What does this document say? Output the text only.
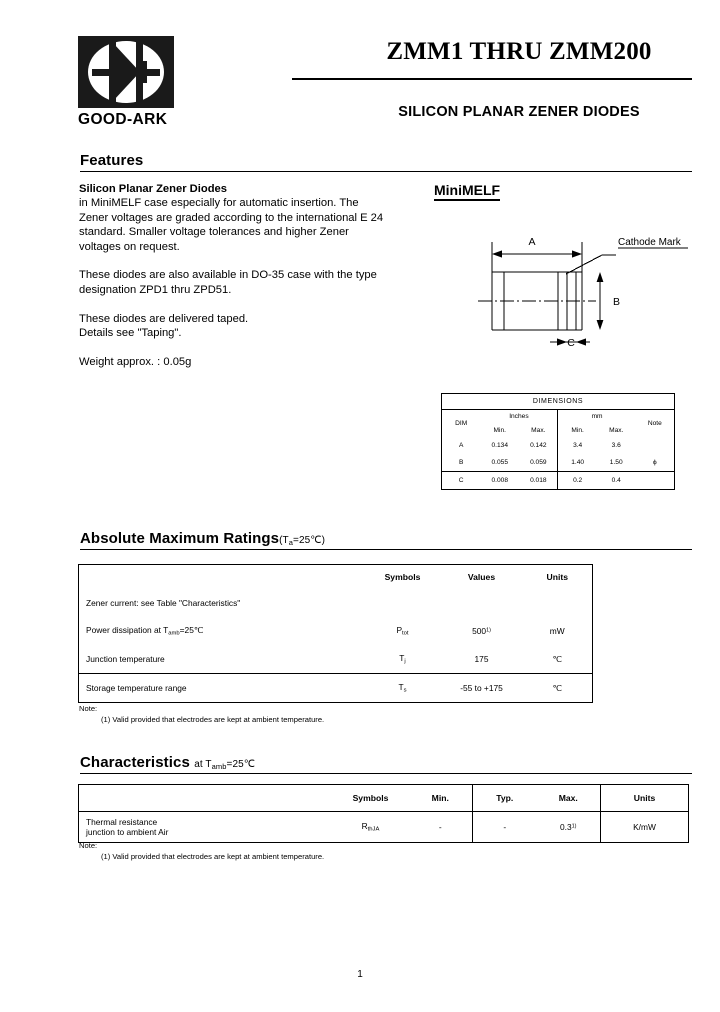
GOOD-ARK
ZMM1 THRU ZMM200
SILICON PLANAR ZENER DIODES
Features

Silicon Planar Zener Diodes

in MiniMELF case especially for automatic insertion. The

Zener voltages are graded according to the international E 24

standard. Smaller voltage tolerances and higher Zener

voltages on request.

These diodes are also available in DO-35 case with the type

designation ZPD1 thru ZPD51.

These diodes are delivered taped.

Details see "Taping".

Weight approx. : 0.05g

MiniMELF
A
B
C
Cathode Mark
DIMENSIONS					
DIM	Inches		mm		Note
	Min.	Max.	Min.	Max.	
A	0.134	0.142	3.4	3.6	
B	0.055	0.059	1.40	1.50	ϕ
C	0.008	0.018	0.2	0.4	
Absolute Maximum $Ratings(T_a=25℃)$
	Symbols	Values	Units
Zener current: see Table "Characteristics"			
Power dissipation at $T_{amb}=25℃$	$P_{tot}$	500$^{1)}$	mW
Junction temperature	$T_j$	175	℃
Storage temperature range	$T_s$	-55 to +175	℃
Note:
(1) Valid provided that electrodes are kept at ambient temperature.
Characteristics at $T_{amb}=25℃$
	Symbols	Min.	Typ.	Max.	Units
Thermal resistance
junction to ambient Air	$R_{thJA}$	-	-	0.3$^{1)}$	K/mW
Note:
(1) Valid provided that electrodes are kept at ambient temperature.
1
